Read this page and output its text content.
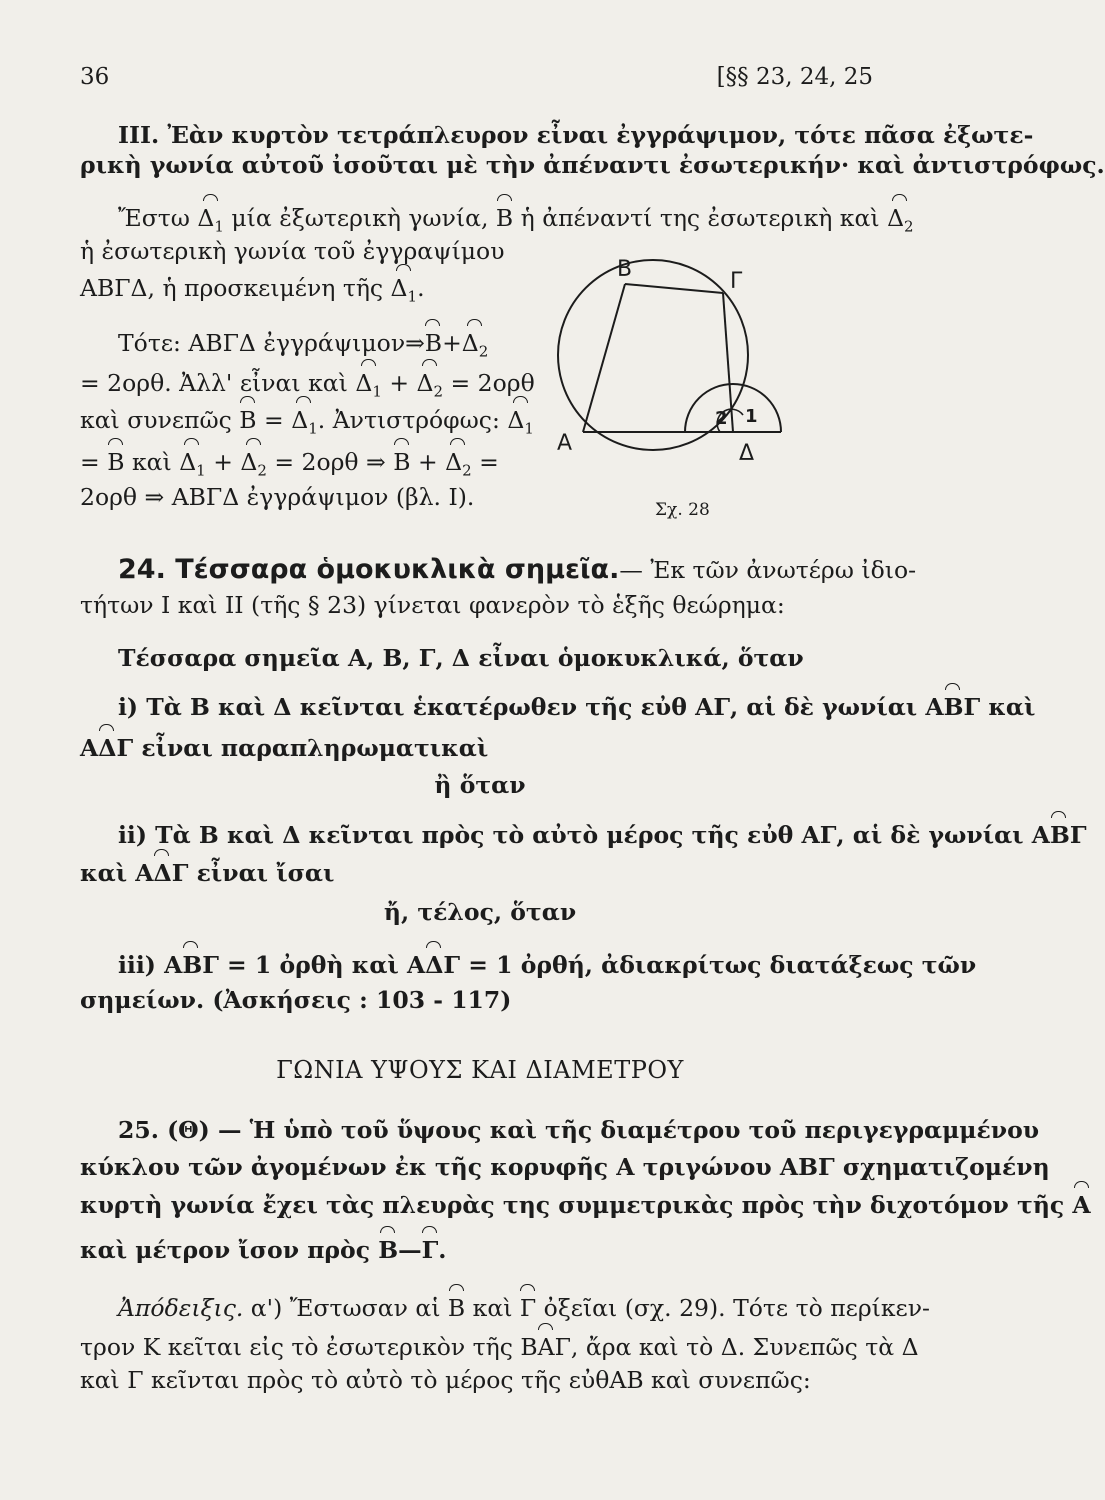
36	[§§ 23, 24, 25
ΙΙΙ. Ἐὰν κυρτὸν τετράπλευρον εἶναι ἐγγράψιμον, τότε πᾶσα ἐξωτε-
ρικὴ γωνία αὐτοῦ ἰσοῦται μὲ τὴν ἀπέναντι ἐσωτερικήν· καὶ ἀντιστρόφως.
Ἔστω $\Delta_1$ μία ἐξωτερικὴ γωνία, Β ἡ ἀπέναντί της ἐσωτερικὴ καὶ $\Delta_2$
ἡ ἐσωτερικὴ γωνία τοῦ ἐγγραψίμου
ΑΒΓΔ, ἡ προσκειμένη τῆς $\Delta_1$.
Τότε: ΑΒΓΔ $ἐ\gamma\gamma\rho ά\psi\iota\mu o\nu\Rightarrow B+\Delta_2$
= 2ορθ. Ἀλλ' εἶναι καὶ $\Delta_1 + \Delta_2 = 2o\rho\theta$
καὶ συνεπῶς $B = \Delta_1$. Ἀντιστρόφως: $\Delta_1$
= Β καὶ $\Delta_1 + \Delta_2 = 2o\rho\theta$ ⇒ $B + \Delta_2$ =
2ορθ ⇒ ΑΒΓΔ ἐγγράψιμον (βλ. Ι).
Β	Γ
Α	Δ
2 1
Σχ. 28
24. Τέσσαρα ὁμοκυκλικὰ σημεῖα.— Ἐκ τῶν ἀνωτέρω ἰδιο-
τήτων Ι καὶ ΙΙ (τῆς § 23) γίνεται φανερὸν τὸ ἑξῆς θεώρημα:
Τέσσαρα σημεῖα Α, Β, Γ, Δ εἶναι ὁμοκυκλικά, ὅταν
i) Τὰ Β καὶ Δ κεῖνται ἑκατέρωθεν τῆς εὐθ ΑΓ, αἱ δὲ γωνίαι ΑΒΓ καὶ
ΑΔΓ εἶναι παραπληρωματικαὶ
ἢ ὅταν
ii) Τὰ Β καὶ Δ κεῖνται πρὸς τὸ αὐτὸ μέρος τῆς εὐθ ΑΓ, αἱ δὲ γωνίαι ΑΒΓ
καὶ ΑΔΓ εἶναι ἴσαι
ἤ, τέλος, ὅταν
iii) ΑΒΓ = 1 ὀρθὴ καὶ ΑΔΓ = 1 ὀρθή, ἀδιακρίτως διατάξεως τῶν
σημείων. (Ἀσκήσεις : 103 - 117)
ΓΩΝΙΑ ΥΨΟΥΣ ΚΑΙ ΔΙΑΜΕΤΡΟΥ
25. (Θ) — Ἡ ὑπὸ τοῦ ὕψους καὶ τῆς διαμέτρου τοῦ περιγεγραμμένου
κύκλου τῶν ἀγομένων ἐκ τῆς κορυφῆς Α τριγώνου ΑΒΓ σχηματιζομένη
κυρτὴ γωνία ἔχει τὰς πλευρὰς της συμμετρικὰς πρὸς τὴν διχοτόμον τῆς Α
καὶ μέτρον ἴσον πρὸς Β—Γ.
Ἀπόδειξις. α') Ἔστωσαν αἱ Β καὶ Γ ὀξεῖαι (σχ. 29). Τότε τὸ περίκεν-
τρον Κ κεῖται εἰς τὸ ἐσωτερικὸν τῆς ΒΑΓ, ἄρα καὶ τὸ Δ. Συνεπῶς τὰ Δ
καὶ Γ κεῖνται πρὸς τὸ αὐτὸ τὸ μέρος τῆς εὐθΑΒ καὶ συνεπῶς:
